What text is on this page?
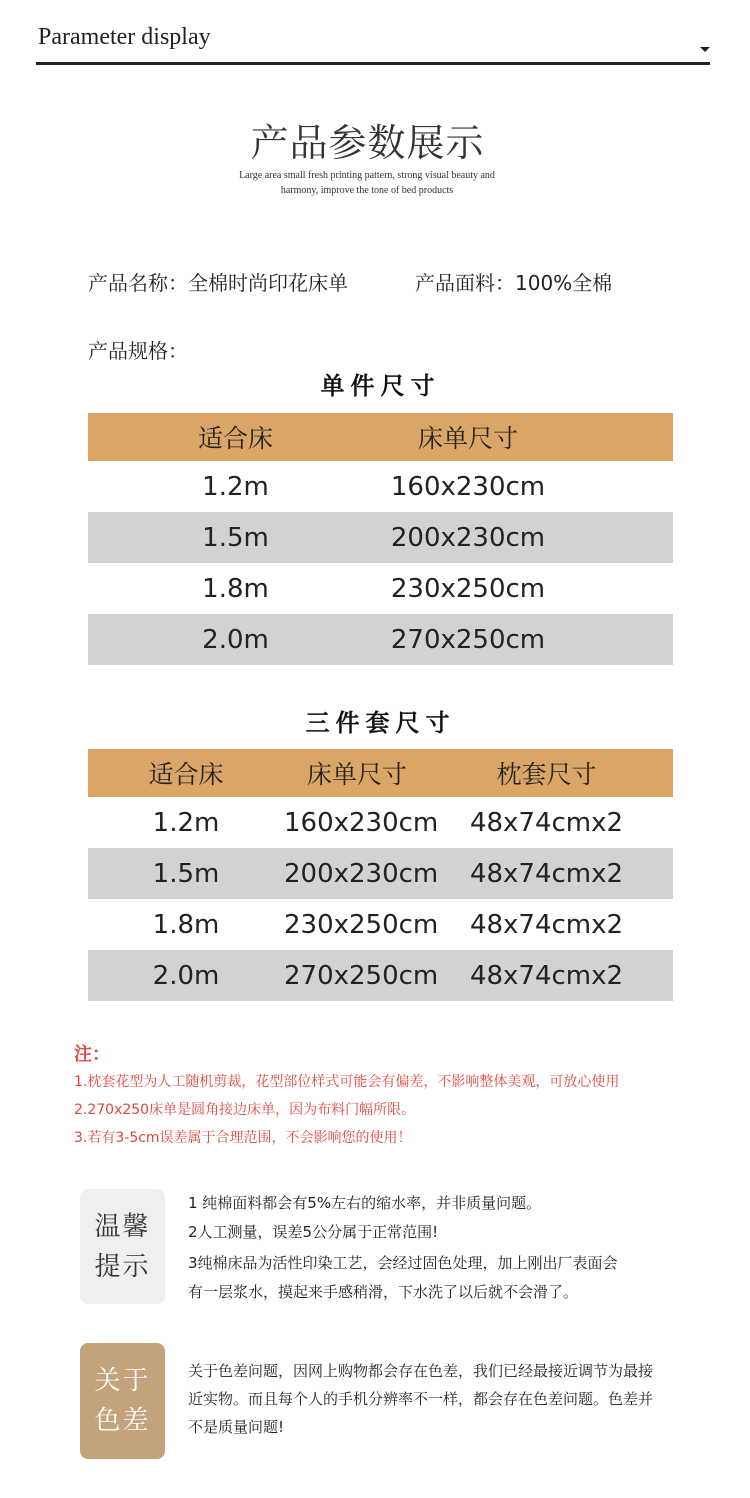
Parameter display
产品参数展示
Large area small fresh printing pattern, strong visual beauty and
harmony, improve the tone of bed products
产品名称：全棉时尚印花床单	产品面料：100%全棉
产品规格：
单件尺寸
适合床	床单尺寸
1.2m	160x230cm
1.5m	200x230cm
1.8m	230x250cm
2.0m	270x250cm
三件套尺寸
适合床	床单尺寸	枕套尺寸
1.2m	160x230cm	48x74cmx2
1.5m	200x230cm	48x74cmx2
1.8m	230x250cm	48x74cmx2
2.0m	270x250cm	48x74cmx2
注：
1.枕套花型为人工随机剪裁，花型部位样式可能会有偏差，不影响整体美观，可放心使用
2.270x250床单是圆角接边床单，因为布料门幅所限。
3.若有3-5cm误差属于合理范围，不会影响您的使用！
温馨
提示
1 纯棉面料都会有5%左右的缩水率，并非质量问题。
2人工测量，误差5公分属于正常范围!
3纯棉床品为活性印染工艺，会经过固色处理，加上刚出厂表面会
有一层浆水，摸起来手感稍滑，下水洗了以后就不会滑了。
关于
色差
关于色差问题，因网上购物都会存在色差，我们已经最接近调节为最接
近实物。而且每个人的手机分辨率不一样，都会存在色差问题。色差并
不是质量问题!
